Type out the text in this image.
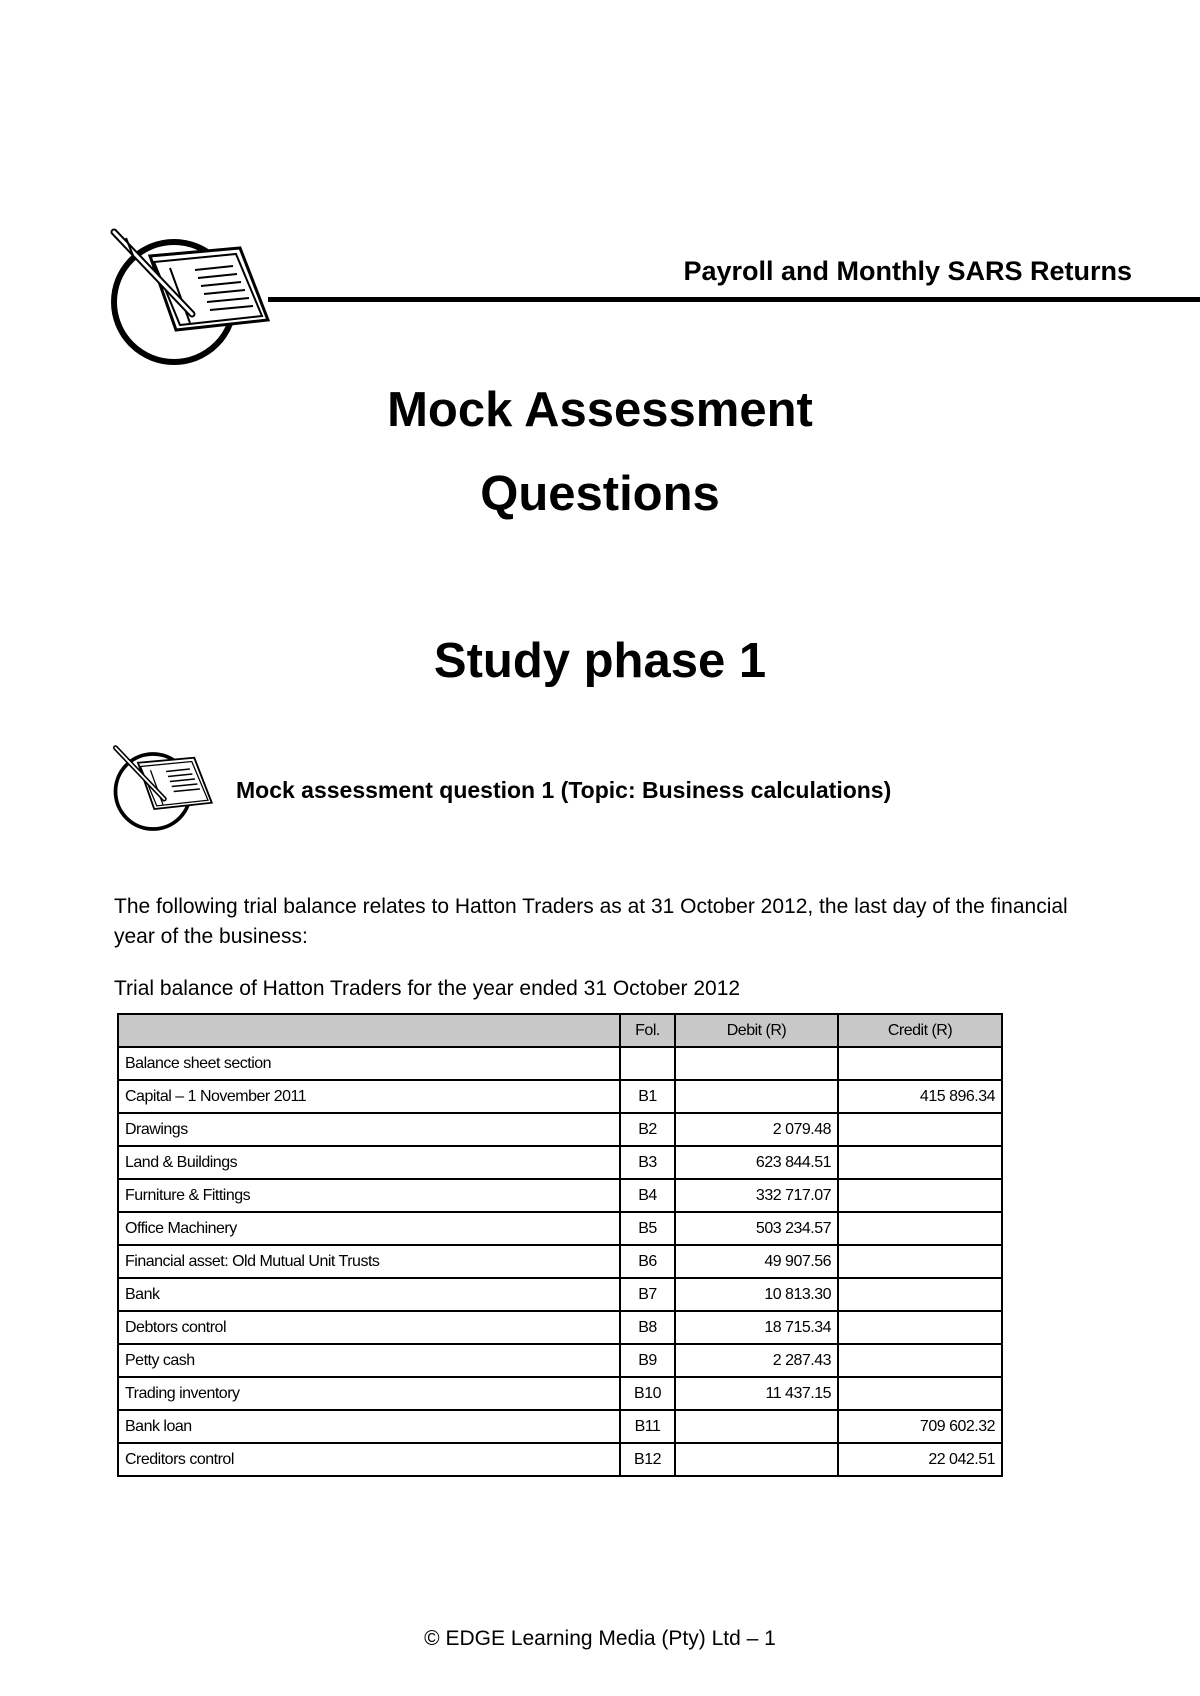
Payroll and Monthly SARS Returns
Mock Assessment
Questions
Study phase 1
Mock assessment question 1 (Topic: Business calculations)
The following trial balance relates to Hatton Traders as at 31 October 2012, the last day of the financial year of the business:
Trial balance of Hatton Traders for the year ended 31 October 2012
	Fol.	Debit (R)	Credit (R)
Balance sheet section			
Capital – 1 November 2011	B1		415 896.34
Drawings	B2	2 079.48	
Land & Buildings	B3	623 844.51	
Furniture & Fittings	B4	332 717.07	
Office Machinery	B5	503 234.57	
Financial asset: Old Mutual Unit Trusts	B6	49 907.56	
Bank	B7	10 813.30	
Debtors control	B8	18 715.34	
Petty cash	B9	2 287.43	
Trading inventory	B10	11 437.15	
Bank loan	B11		709 602.32
Creditors control	B12		22 042.51
© EDGE Learning Media (Pty) Ltd – 1
